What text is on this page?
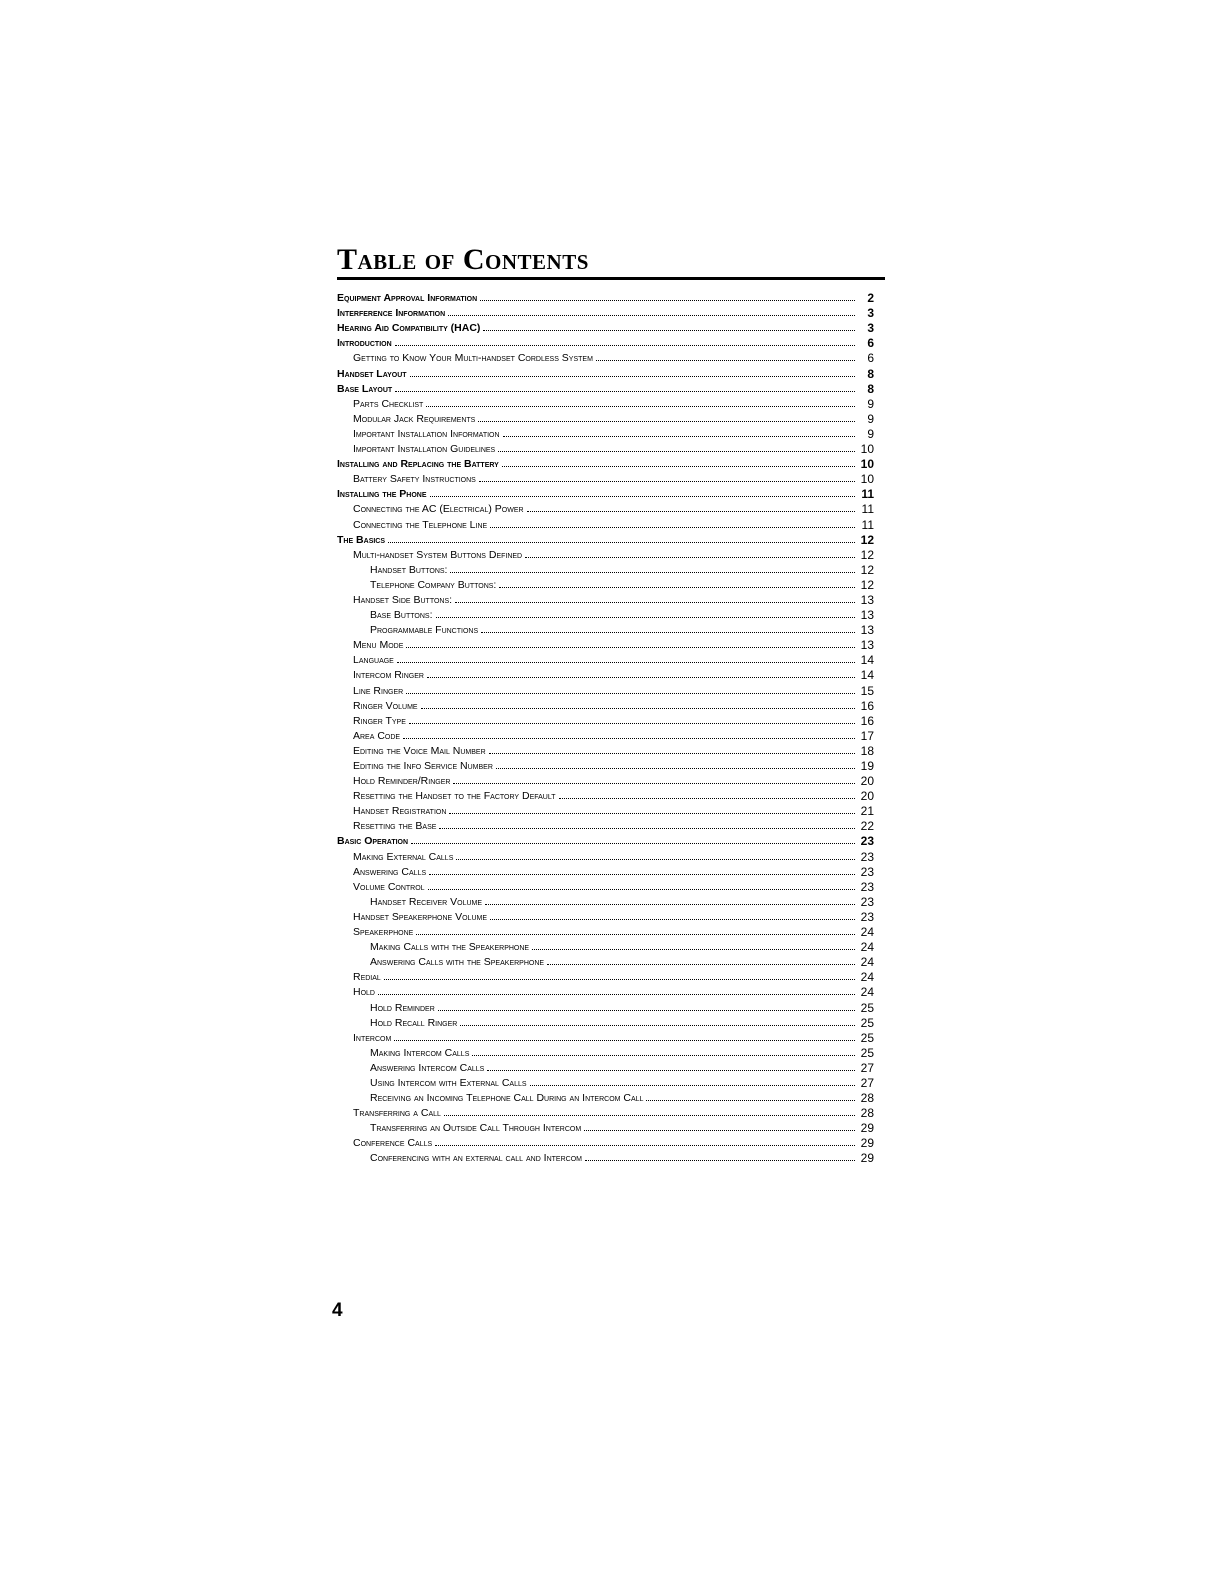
Table of Contents
Equipment Approval Information	2
Interference Information	3
Hearing Aid Compatibility (HAC)	3
Introduction	6
Getting to Know Your Multi-handset Cordless System	6
Handset Layout	8
Base Layout	8
Parts Checklist	9
Modular Jack Requirements	9
Important Installation Information	9
Important Installation Guidelines	10
Installing and Replacing the Battery	10
Battery Safety Instructions	10
Installing the Phone	11
Connecting the AC (Electrical) Power	11
Connecting the Telephone Line	11
The Basics	12
Multi-handset System Buttons Defined	12
Handset Buttons:	12
Telephone Company Buttons:	12
Handset Side Buttons:	13
Base Buttons:	13
Programmable Functions	13
Menu Mode	13
Language	14
Intercom Ringer	14
Line Ringer	15
Ringer Volume	16
Ringer Type	16
Area Code	17
Editing the Voice Mail Number	18
Editing the Info Service Number	19
Hold Reminder/Ringer	20
Resetting the Handset to the Factory Default	20
Handset Registration	21
Resetting the Base	22
Basic Operation	23
Making External Calls	23
Answering Calls	23
Volume Control	23
Handset Receiver Volume	23
Handset Speakerphone Volume	23
Speakerphone	24
Making Calls with the Speakerphone	24
Answering Calls with the Speakerphone	24
Redial	24
Hold	24
Hold Reminder	25
Hold Recall Ringer	25
Intercom	25
Making Intercom Calls	25
Answering Intercom Calls	27
Using Intercom with External Calls	27
Receiving an Incoming Telephone Call During an Intercom Call	28
Transferring a Call	28
Transferring an Outside Call Through Intercom	29
Conference Calls	29
Conferencing with an external call and Intercom	29
4
